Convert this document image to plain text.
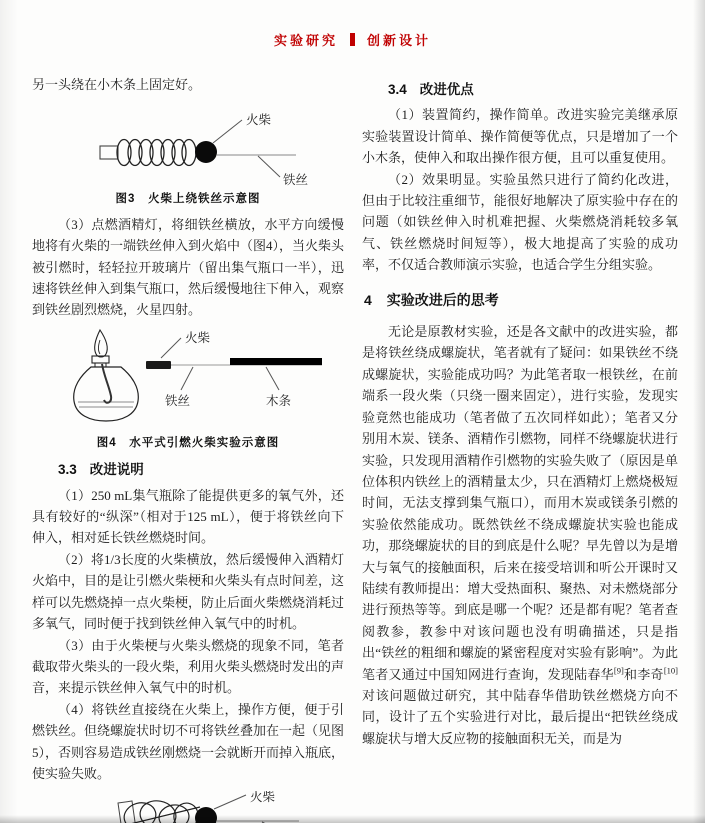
实验研究 创新设计

另一头绕在小木条上固定好。

火柴
铁丝
图3　火柴上绕铁丝示意图

（3）点燃酒精灯，将细铁丝横放，水平方向缓慢地将有火柴的一端铁丝伸入到火焰中（图4），当火柴头被引燃时，轻轻拉开玻璃片（留出集气瓶口一半），迅速将铁丝伸入到集气瓶口，然后缓慢地往下伸入，观察到铁丝剧烈燃烧，火星四射。

火柴
铁丝	木条
图4　水平式引燃火柴实验示意图
3.3 改进说明

（1）250 mL集气瓶除了能提供更多的氧气外，还具有较好的“纵深”（相对于125 mL），便于将铁丝向下伸入，相对延长铁丝燃烧时间。

（2）将1/3长度的火柴横放，然后缓慢伸入酒精灯火焰中，目的是让引燃火柴梗和火柴头有点时间差，这样可以先燃烧掉一点火柴梗，防止后面火柴燃烧消耗过多氧气，同时便于找到铁丝伸入氧气中的时机。

（3）由于火柴梗与火柴头燃烧的现象不同，笔者截取带火柴头的一段火柴，利用火柴头燃烧时发出的声音，来提示铁丝伸入氧气中的时机。

（4）将铁丝直接绕在火柴上，操作方便，便于引燃铁丝。但绕螺旋状时切不可将铁丝叠加在一起（见图5），否则容易造成铁丝刚燃烧一会就断开而掉入瓶底，使实验失败。

火柴
3.4 改进优点

（1）装置简约，操作简单。改进实验完美继承原实验装置设计简单、操作简便等优点，只是增加了一个小木条，使伸入和取出操作很方便，且可以重复使用。

（2）效果明显。实验虽然只进行了简约化改进，但由于比较注重细节，能很好地解决了原实验中存在的问题（如铁丝伸入时机难把握、火柴燃烧消耗较多氧气、铁丝燃烧时间短等），极大地提高了实验的成功率，不仅适合教师演示实验，也适合学生分组实验。

4 实验改进后的思考

无论是原教材实验，还是各文献中的改进实验，都是将铁丝绕成螺旋状，笔者就有了疑问：如果铁丝不绕成螺旋状，实验能成功吗？为此笔者取一根铁丝，在前端系一段火柴（只绕一圈来固定），进行实验，发现实验竟然也能成功（笔者做了五次同样如此）；笔者又分别用木炭、镁条、酒精作引燃物，同样不绕螺旋状进行实验，只发现用酒精作引燃物的实验失败了（原因是单位体积内铁丝上的酒精量太少，只在酒精灯上燃烧极短时间，无法支撑到集气瓶口），而用木炭或镁条引燃的实验依然能成功。既然铁丝不绕成螺旋状实验也能成功，那绕螺旋状的目的到底是什么呢？早先曾以为是增大与氧气的接触面积，后来在接受培训和听公开课时又陆续有教师提出：增大受热面积、聚热、对未燃烧部分进行预热等等。到底是哪一个呢？还是都有呢？笔者查阅教参，教参中对该问题也没有明确描述，只是指出“铁丝的粗细和螺旋的紧密程度对实验有影响”。为此笔者又通过中国知网进行查询，发现陆春华[9]和李奇[10]对该问题做过研究，其中陆春华借助铁丝燃烧方向不同，设计了五个实验进行对比，最后提出“把铁丝绕成螺旋状与增大反应物的接触面积无关，而是为
